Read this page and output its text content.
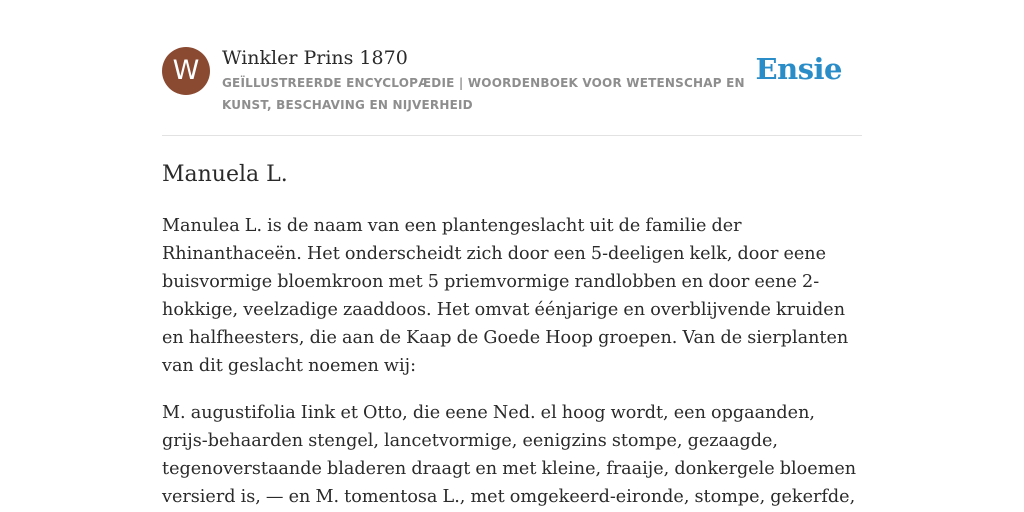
W	Winkler Prins 1870
GEÏLLUSTREERDE ENCYCLOPÆDIE | WOORDENBOEK VOOR WETENSCHAP EN KUNST, BESCHAVING EN NIJVERHEID
Ensie
Manuela L.

Manulea L. is de naam van een plantengeslacht uit de familie der Rhinanthaceën. Het onderscheidt zich door een 5-deeligen kelk, door eene buisvormige bloemkroon met 5 priemvormige randlobben en door eene 2-hokkige, veelzadige zaaddoos. Het omvat éénjarige en overblijvende kruiden en halfheesters, die aan de Kaap de Goede Hoop groepen. Van de sierplanten van dit geslacht noemen wij:

M. augustifolia Iink et Otto, die eene Ned. el hoog wordt, een opgaanden, grijs-behaarden stengel, lancetvormige, eenigzins stompe, gezaagde, tegenoverstaande bladeren draagt en met kleine, fraaije, donkergele bloemen versierd is, — en M. tomentosa L., met omgekeerd-eironde, stompe, gekerfde,
